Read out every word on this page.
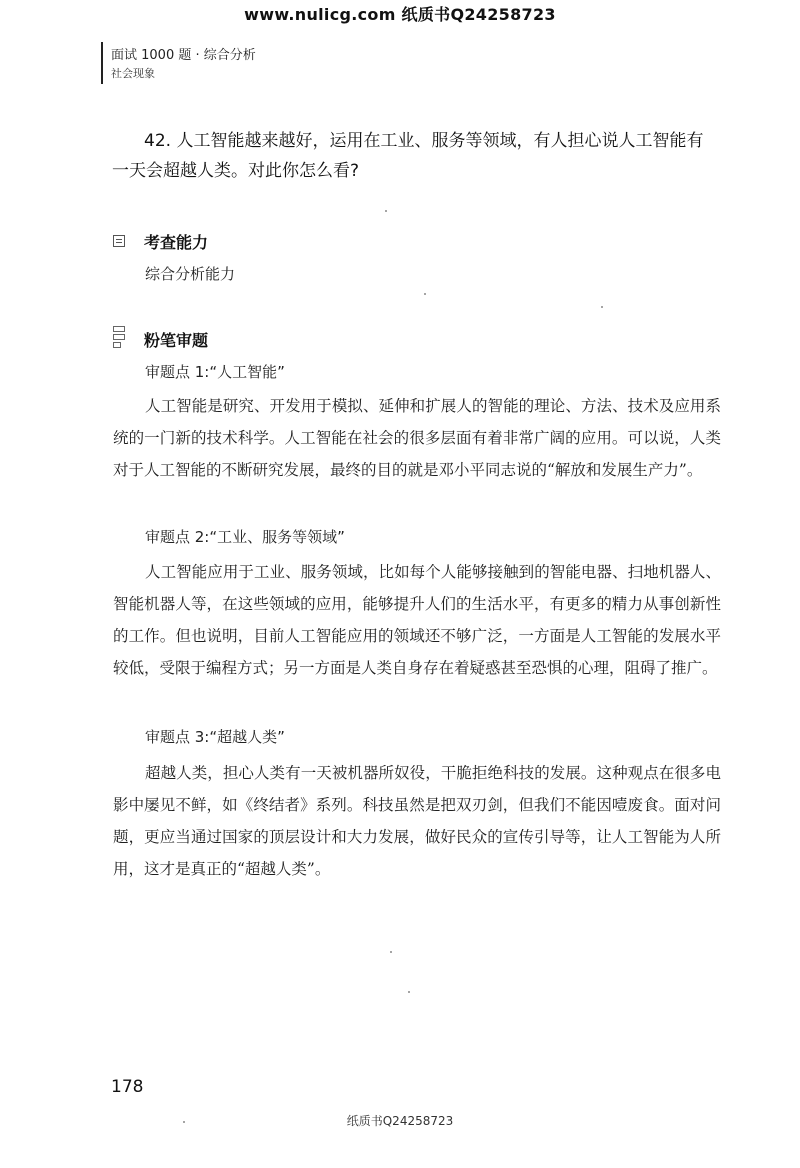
www.nulicg.com 纸质书Q24258723
面试 1000 题 · 综合分析
社会现象
42. 人工智能越来越好，运用在工业、服务等领域，有人担心说人工智能有一天会超越人类。对此你怎么看?
考查能力
综合分析能力
粉笔审题
审题点 1:“人工智能”
人工智能是研究、开发用于模拟、延伸和扩展人的智能的理论、方法、技术及应用系统的一门新的技术科学。人工智能在社会的很多层面有着非常广阔的应用。可以说，人类对于人工智能的不断研究发展，最终的目的就是邓小平同志说的“解放和发展生产力”。
审题点 2:“工业、服务等领域”
人工智能应用于工业、服务领域，比如每个人能够接触到的智能电器、扫地机器人、智能机器人等，在这些领域的应用，能够提升人们的生活水平，有更多的精力从事创新性的工作。但也说明，目前人工智能应用的领域还不够广泛，一方面是人工智能的发展水平较低，受限于编程方式；另一方面是人类自身存在着疑惑甚至恐惧的心理，阻碍了推广。
审题点 3:“超越人类”
超越人类，担心人类有一天被机器所奴役，干脆拒绝科技的发展。这种观点在很多电影中屡见不鲜，如《终结者》系列。科技虽然是把双刃剑，但我们不能因噎废食。面对问题，更应当通过国家的顶层设计和大力发展，做好民众的宣传引导等，让人工智能为人所用，这才是真正的“超越人类”。
178
纸质书Q24258723
